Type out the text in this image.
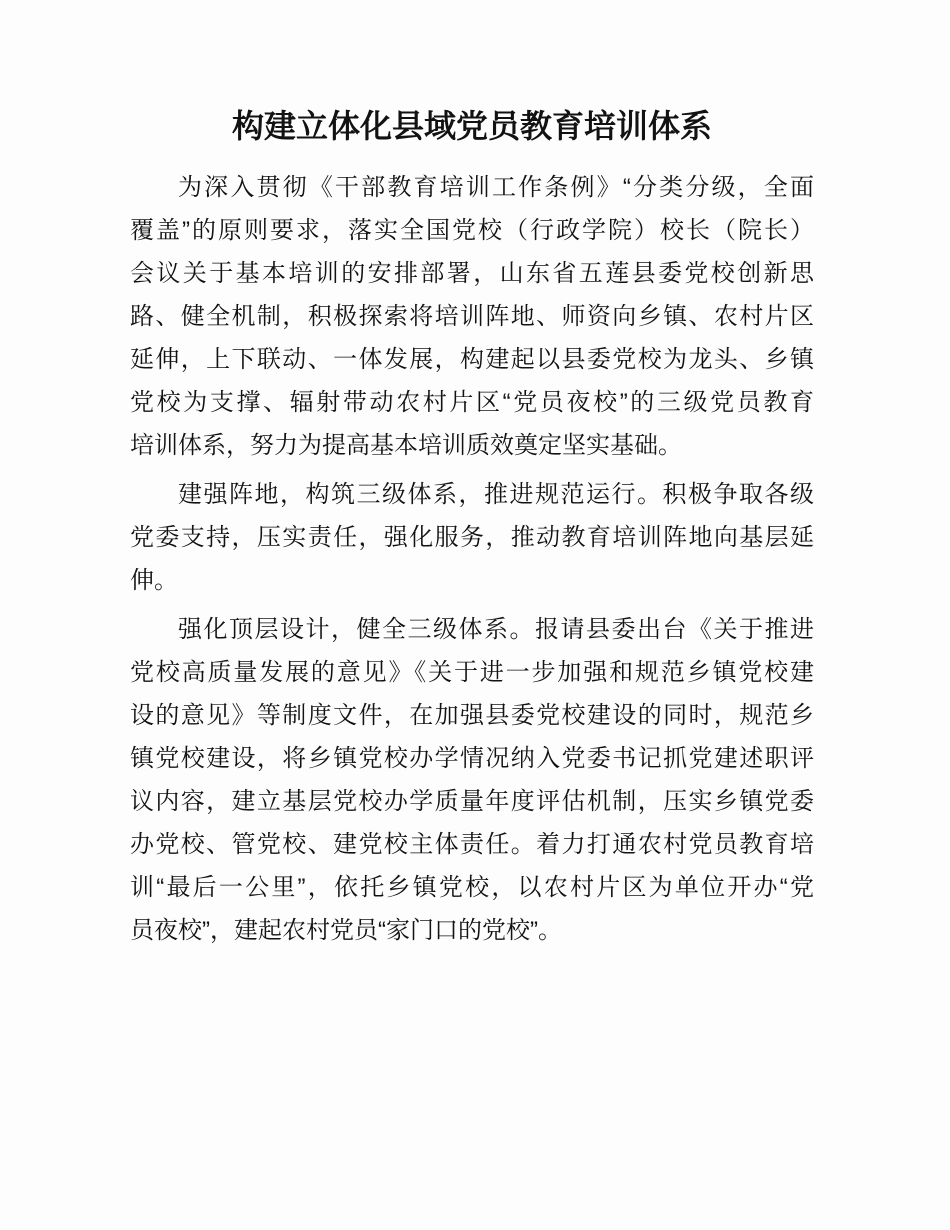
构建立体化县域党员教育培训体系
为深入贯彻《干部教育培训工作条例》“分类分级，全面
覆盖”的原则要求，落实全国党校（行政学院）校长（院长）
会议关于基本培训的安排部署，山东省五莲县委党校创新思
路、健全机制，积极探索将培训阵地、师资向乡镇、农村片区
延伸，上下联动、一体发展，构建起以县委党校为龙头、乡镇
党校为支撑、辐射带动农村片区“党员夜校”的三级党员教育
培训体系，努力为提高基本培训质效奠定坚实基础。
建强阵地，构筑三级体系，推进规范运行。积极争取各级
党委支持，压实责任，强化服务，推动教育培训阵地向基层延
伸。
强化顶层设计，健全三级体系。报请县委出台《关于推进
党校高质量发展的意见》《关于进一步加强和规范乡镇党校建
设的意见》等制度文件，在加强县委党校建设的同时，规范乡
镇党校建设，将乡镇党校办学情况纳入党委书记抓党建述职评
议内容，建立基层党校办学质量年度评估机制，压实乡镇党委
办党校、管党校、建党校主体责任。着力打通农村党员教育培
训“最后一公里”，依托乡镇党校，以农村片区为单位开办“党
员夜校”，建起农村党员“家门口的党校”。
